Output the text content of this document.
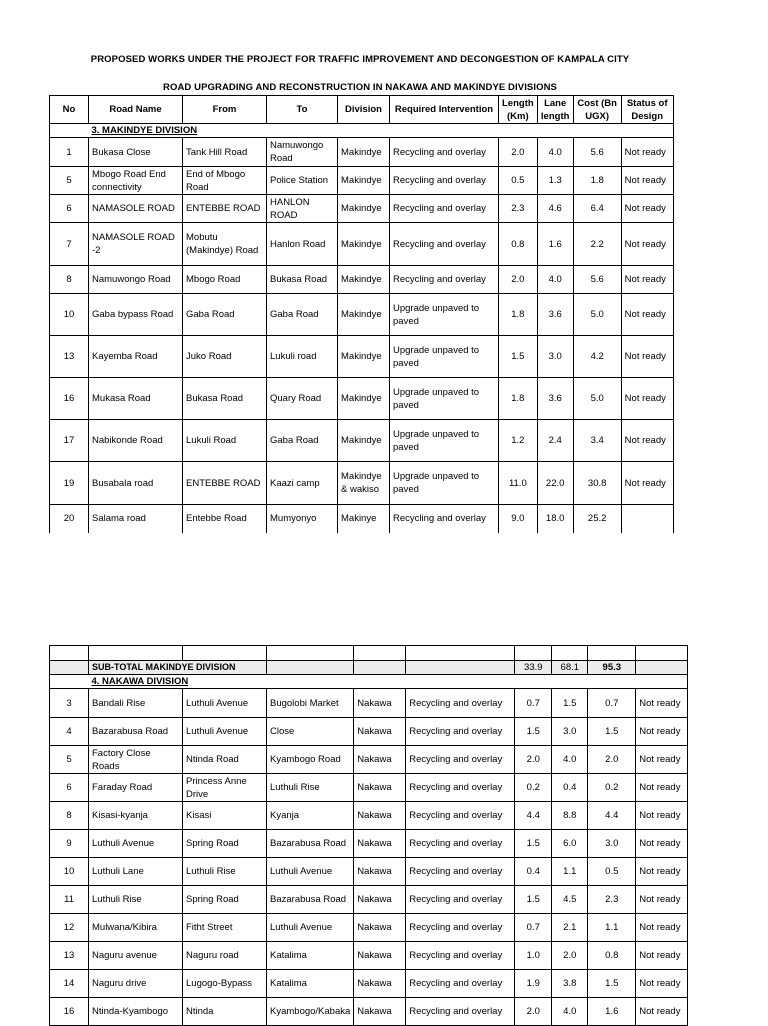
PROPOSED WORKS UNDER THE PROJECT FOR TRAFFIC IMPROVEMENT AND DECONGESTION OF KAMPALA CITY
ROAD UPGRADING AND RECONSTRUCTION IN NAKAWA AND MAKINDYE DIVISIONS
No	Road Name	From	To	Division	Required Intervention	Length (Km)	Lane length	Cost (Bn UGX)	Status of Design
	3. MAKINDYE DIVISION								
1	Bukasa Close	Tank Hill Road	Namuwongo Road	Makindye	Recycling and overlay	2.0	4.0	5.6	Not ready
5	Mbogo Road End connectivity	End of Mbogo Road	Police Station	Makindye	Recycling and overlay	0.5	1.3	1.8	Not ready
6	NAMASOLE ROAD	ENTEBBE ROAD	HANLON ROAD	Makindye	Recycling and overlay	2.3	4.6	6.4	Not ready
7	NAMASOLE ROAD -2	Mobutu (Makindye) Road	Hanlon Road	Makindye	Recycling and overlay	0.8	1.6	2.2	Not ready
8	Namuwongo Road	Mbogo Road	Bukasa Road	Makindye	Recycling and overlay	2.0	4.0	5.6	Not ready
10	Gaba bypass Road	Gaba Road	Gaba Road	Makindye	Upgrade unpaved to paved	1.8	3.6	5.0	Not ready
13	Kayemba Road	Juko Road	Lukuli road	Makindye	Upgrade unpaved to paved	1.5	3.0	4.2	Not ready
16	Mukasa Road	Bukasa Road	Quary Road	Makindye	Upgrade unpaved to paved	1.8	3.6	5.0	Not ready
17	Nabikonde Road	Lukuli Road	Gaba Road	Makindye	Upgrade unpaved to paved	1.2	2.4	3.4	Not ready
19	Busabala road	ENTEBBE ROAD	Kaazi camp	Makindye & wakiso	Upgrade unpaved to paved	11.0	22.0	30.8	Not ready
20	Salama road	Entebbe Road	Mumyonyo	Makinye	Recycling and overlay	9.0	18.0	25.2	

	SUB-TOTAL MAKINDYE DIVISION					33.9	68.1	95.3	
	4. NAKAWA DIVISION								
3	Bandali Rise	Luthuli Avenue	Bugolobi Market	Nakawa	Recycling and overlay	0.7	1.5	0.7	Not ready
4	Bazarabusa Road	Luthuli Avenue	Close	Nakawa	Recycling and overlay	1.5	3.0	1.5	Not ready
5	Factory Close Roads	Ntinda Road	Kyambogo Road	Nakawa	Recycling and overlay	2.0	4.0	2.0	Not ready
6	Faraday Road	Princess Anne Drive	Luthuli Rise	Nakawa	Recycling and overlay	0.2	0.4	0.2	Not ready
8	Kisasi-kyanja	Kisasi	Kyanja	Nakawa	Recycling and overlay	4.4	8.8	4.4	Not ready
9	Luthuli Avenue	Spring Road	Bazarabusa Road	Nakawa	Recycling and overlay	1.5	6.0	3.0	Not ready
10	Luthuli Lane	Luthuli Rise	Luthuli Avenue	Nakawa	Recycling and overlay	0.4	1.1	0.5	Not ready
11	Luthuli Rise	Spring Road	Bazarabusa Road	Nakawa	Recycling and overlay	1.5	4.5	2.3	Not ready
12	Mulwana/Kibira	Fitht Street	Luthuli Avenue	Nakawa	Recycling and overlay	0.7	2.1	1.1	Not ready
13	Naguru avenue	Naguru road	Katalima	Nakawa	Recycling and overlay	1.0	2.0	0.8	Not ready
14	Naguru drive	Lugogo-Bypass	Katalima	Nakawa	Recycling and overlay	1.9	3.8	1.5	Not ready
16	Ntinda-Kyambogo	Ntinda	Kyambogo/Kabaka	Nakawa	Recycling and overlay	2.0	4.0	1.6	Not ready
